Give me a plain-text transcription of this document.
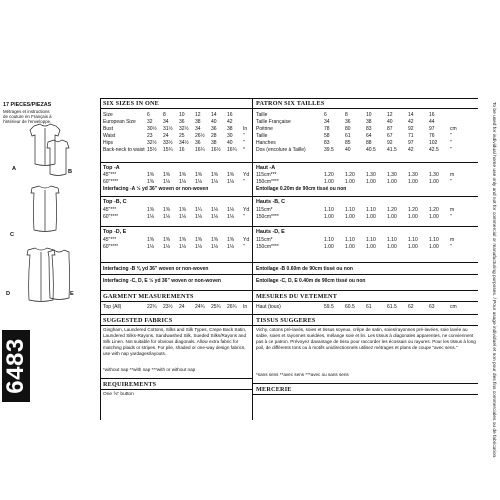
17 PIECES/PIEZAS
Métrages et instructions
de couture en Français à
l'intérieur de l'enveloppe.
A	B
C
D	E
6483
SIX SIZES IN ONE
Size	6	8	10	12	14	16
European Size	32	34	36	38	40	42
Bust	30½	31½	32½	34	36	38	In
Waist	23	24	25	26½	28	30	"
Hips	32½	33½	34½	36	38	40	"
Back-neck to waist 15½	15¾	16	16¼	16½	16¾	*
Top -A
45"***	1⅜	1⅜	1⅜	1⅜	1⅜	1⅜	Yd
60"****	1⅜	1⅛	1⅛	1⅛	1⅛	1⅛	"
Interfacing -A ½ yd 36" woven or non-woven
Top -B, C
45"***	1⅜	1⅜	1⅜	1¼	1⅛	1⅛	Yd
60"****	1⅛	1⅛	1⅛	1⅛	1⅛	1⅛	"
Top -D, E
45"***	1⅜	1⅜	1⅜	1⅜	1⅜	1⅜	Yd
60"****	1⅛	1⅛	1⅛	1⅛	1⅛	1⅛	"
Interfacing -B ⅜ yd 36" woven or non-woven
Interfacing -C, D, E ½ yd 36" woven or non-woven
GARMENT MEASUREMENTS
Top (All)	22¾	23½	24	24¾	25¾	26¾	In
SUGGESTED FABRICS
Gingham, Laundered Cottons, Silks and Silk Types, Crepe Back Satin, Laundered Silks-Rayons, Sandwashed Silk, Sueded Silks/Rayons and Silk Linen. Not suitable for obvious diagonals. Allow extra fabric for matching plaids or stripes. For pile, shaded or one-way design fabrics, use with nap yardages/layouts.
*without nap **with nap ***with or without nap
REQUIREMENTS
One ⅝" button
PATRON SIX TAILLES
Taille	6	8	10	12	14	16
Taille Française	34	36	38	40	42	44
Poitrine	78	80	83	87	92	97	cm
Taille	58	61	64	67	71	76	"
Hanches	83	85	88	92	97	102	"
Dos (encolure à Taille)	39.5	40	40.5	41.5	42	42.5	"
Haut -A
115cm***	1.20	1.20	1.30	1.30	1.30	1.30	m
150cm****	1.00	1.00	1.00	1.00	1.00	1.00	"
Entoilage 0.20m de 90cm tissé ou non
Hauts -B, C
115cm*	1.10	1.10	1.10	1.20	1.20	1.20	m
150cm****	1.00	1.00	1.00	1.00	1.00	1.00	"
Hauts -D, E
115cm*	1.10	1.10	1.10	1.10	1.10	1.10	m
150cm****	1.00	1.00	1.00	1.00	1.00	1.00	"
Entoilage -B 0.60m de 90cm tissé ou non
Entoilage -C, D, E 0.40m de 90cm tissé ou non
MESURES DU VETEMENT
Haut (tous)	59.5	60.5	61	61.5	62	63	cm
TISSUS SUGGERES
Vichy, cotons pré-lavés, soies et tissus soyeux, crêpe de satin, soies/rayonnes pré-lavées, soie lavée au sable, soies et rayonnes suédées, mélange soie et lin. Les tissus à diagonales apparentes, ne conviennent pas à ce patron. Prévoyez davantage de tissu pour raccorder les écossais ou rayures. Pour les tissus à long poil, de différents tons ou à motifs unidirectionnels utilisez métrages et plans de coupe "avec sens."
*sans sens **avec sens ***avec ou sans sens
MERCERIE	To be used for individual home use only and not for commercial or manufacturing purposes. / Pour usage individuel et non pour des fins commerciales ou de fabrication.
